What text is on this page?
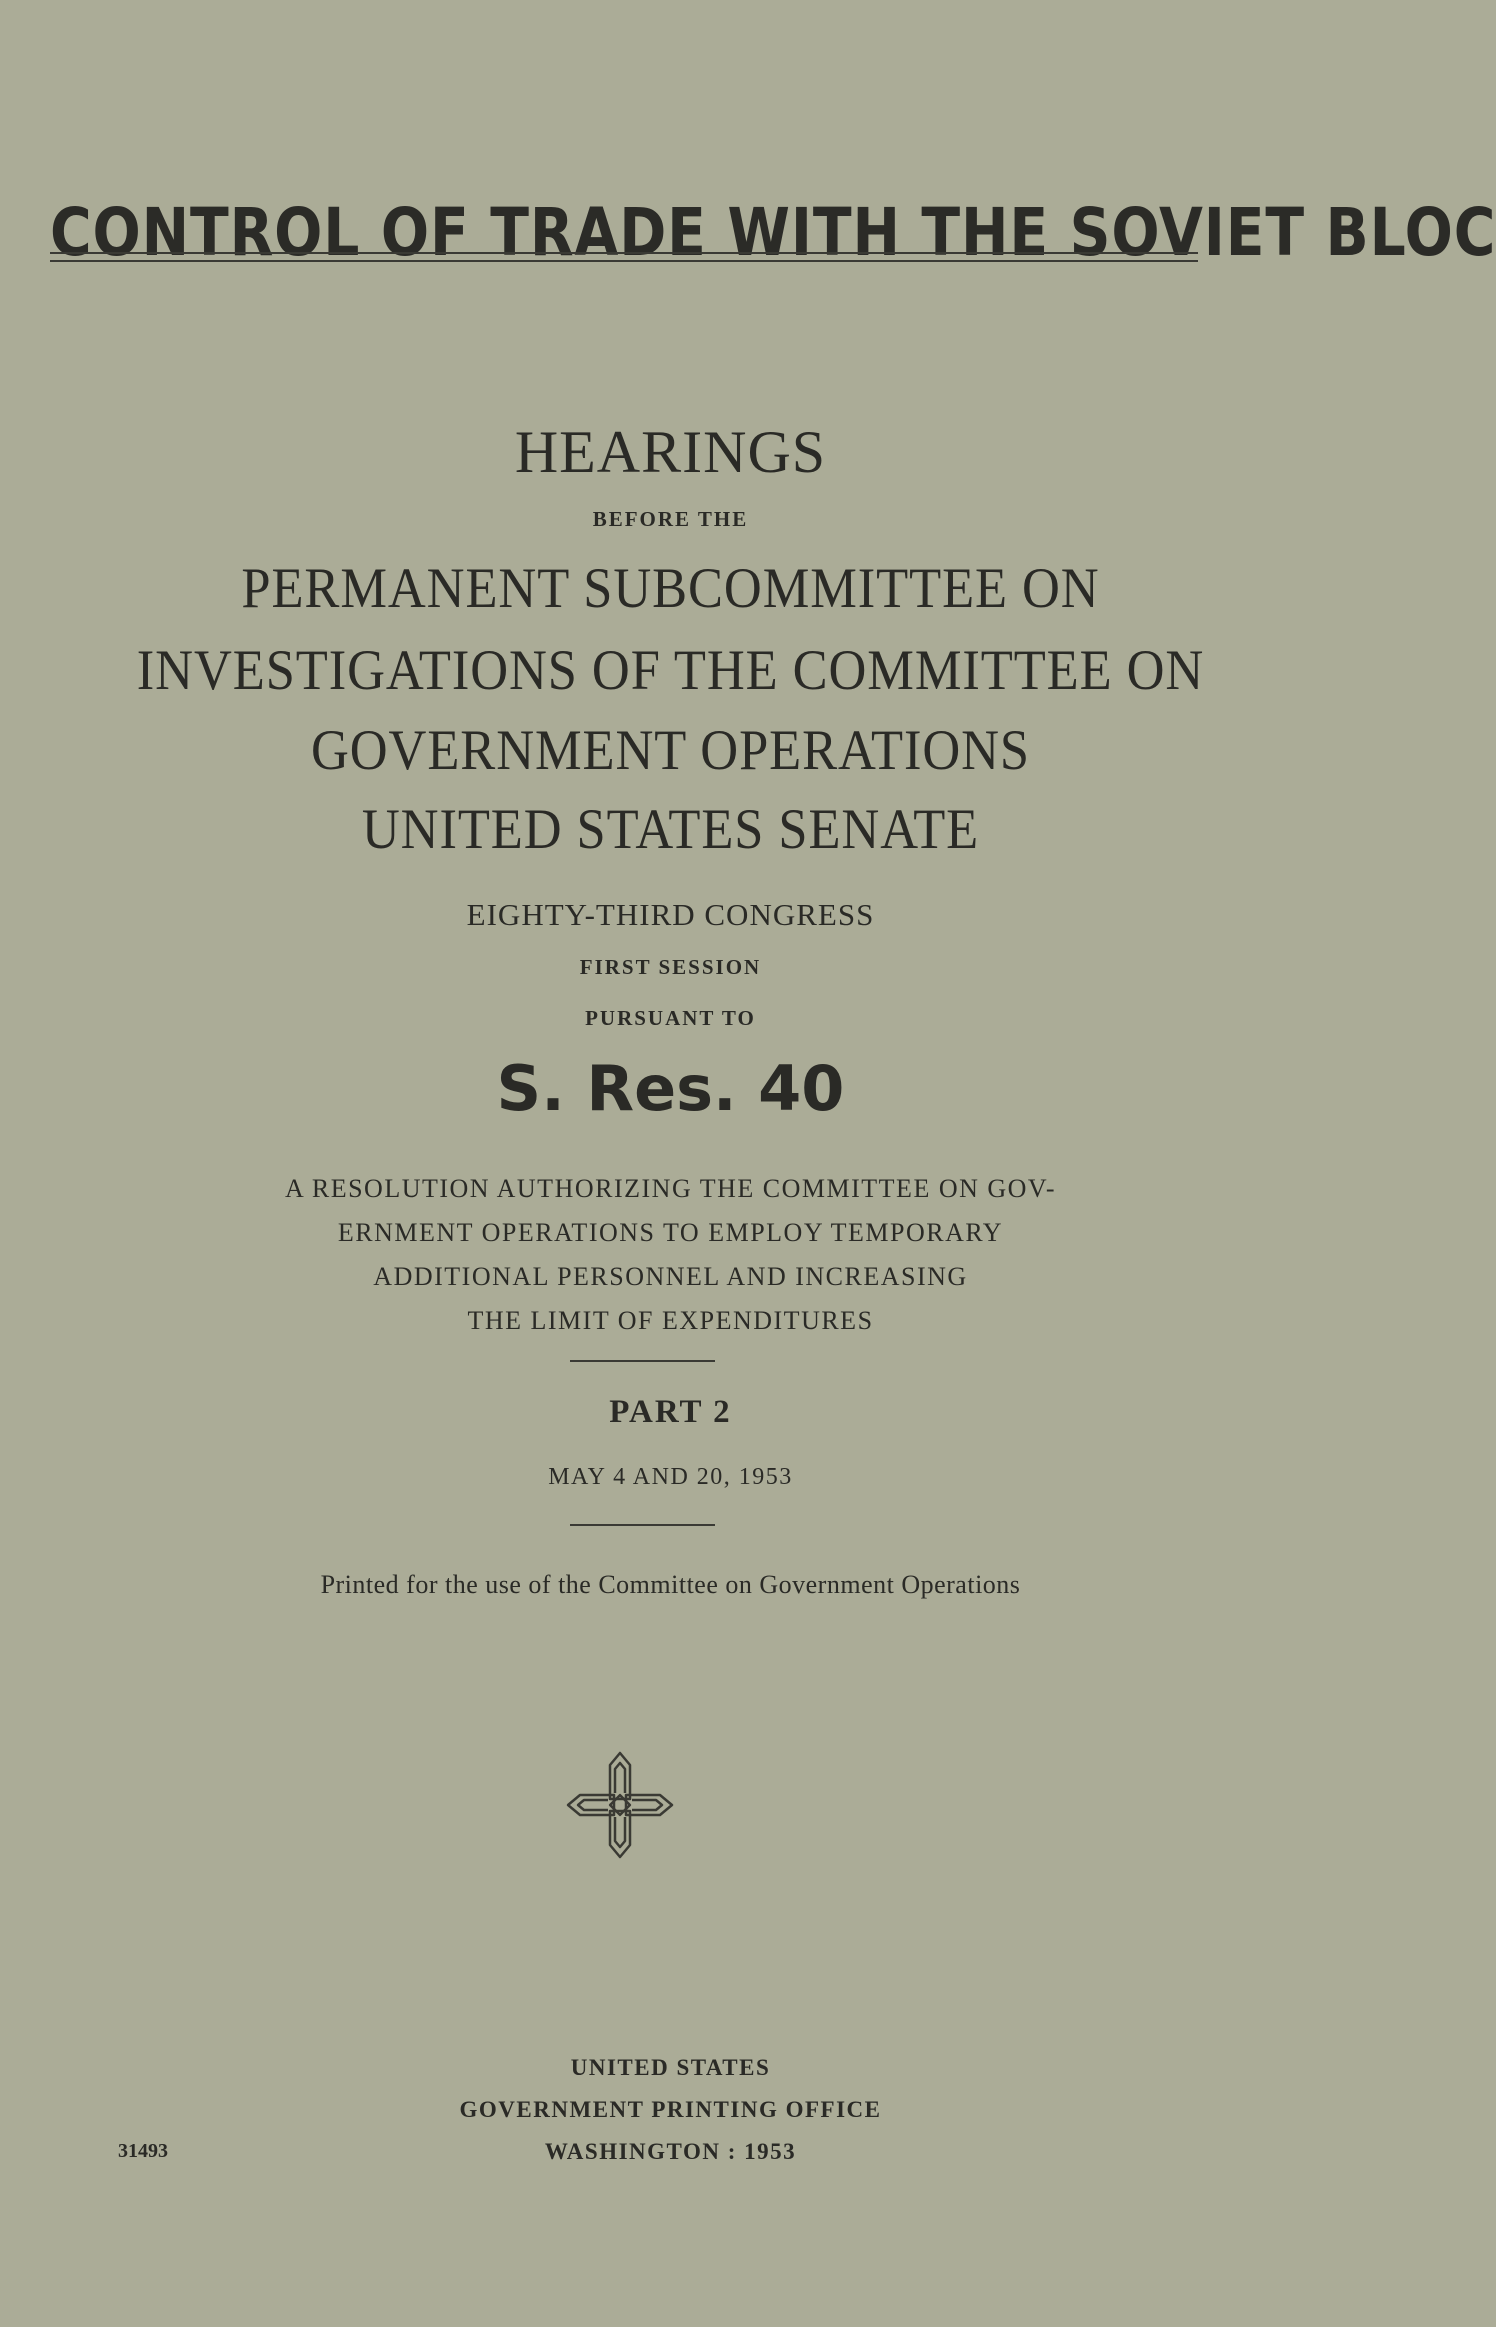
CONTROL OF TRADE WITH THE SOVIET BLOC
HEARINGS
BEFORE THE
PERMANENT SUBCOMMITTEE ON
INVESTIGATIONS OF THE COMMITTEE ON
GOVERNMENT OPERATIONS
UNITED STATES SENATE
EIGHTY-THIRD CONGRESS
FIRST SESSION
PURSUANT TO
S. Res. 40
A RESOLUTION AUTHORIZING THE COMMITTEE ON GOV-
ERNMENT OPERATIONS TO EMPLOY TEMPORARY
ADDITIONAL PERSONNEL AND INCREASING
THE LIMIT OF EXPENDITURES
PART 2
MAY 4 AND 20, 1953
Printed for the use of the Committee on Government Operations
UNITED STATES
GOVERNMENT PRINTING OFFICE
WASHINGTON : 1953

31493
